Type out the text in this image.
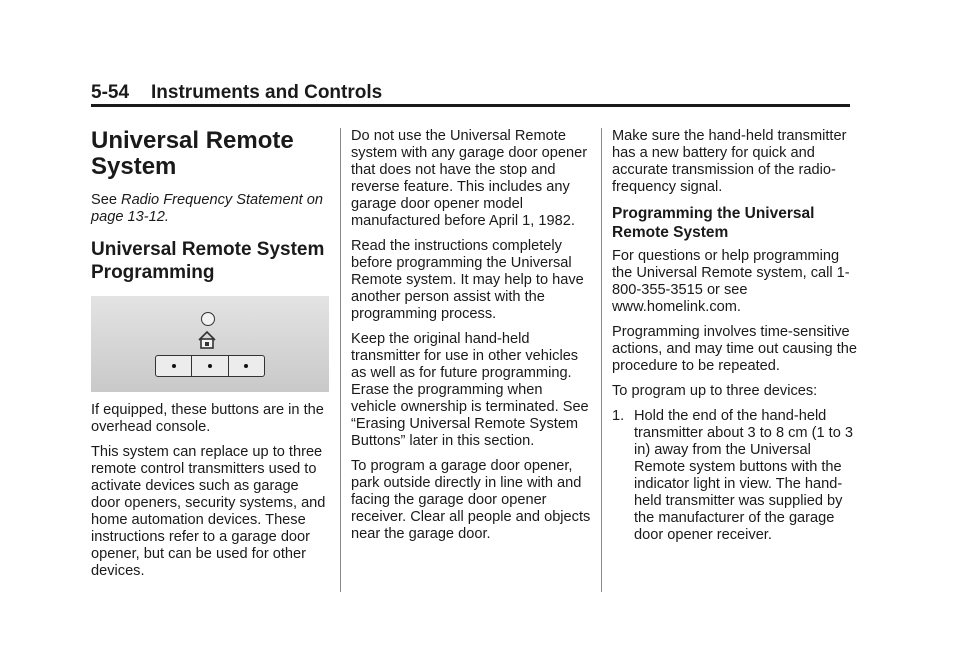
5-54 Instruments and Controls
Universal Remote System

See Radio Frequency Statement on page 13-12.

Universal Remote System Programming

If equipped, these buttons are in the overhead console.

This system can replace up to three remote control transmitters used to activate devices such as garage door openers, security systems, and home automation devices. These instructions refer to a garage door opener, but can be used for other devices.

Do not use the Universal Remote system with any garage door opener that does not have the stop and reverse feature. This includes any garage door opener model manufactured before April 1, 1982.

Read the instructions completely before programming the Universal Remote system. It may help to have another person assist with the programming process.

Keep the original hand-held transmitter for use in other vehicles as well as for future programming. Erase the programming when vehicle ownership is terminated. See “Erasing Universal Remote System Buttons” later in this section.

To program a garage door opener, park outside directly in line with and facing the garage door opener receiver. Clear all people and objects near the garage door.

Make sure the hand-held transmitter has a new battery for quick and accurate transmission of the radio-frequency signal.

Programming the Universal Remote System

For questions or help programming the Universal Remote system, call 1-800-355-3515 or see www.homelink.com.

Programming involves time-sensitive actions, and may time out causing the procedure to be repeated.

To program up to three devices:

1. Hold the end of the hand-held transmitter about 3 to 8 cm (1 to 3 in) away from the Universal Remote system buttons with the indicator light in view. The hand-held transmitter was supplied by the manufacturer of the garage door opener receiver.
